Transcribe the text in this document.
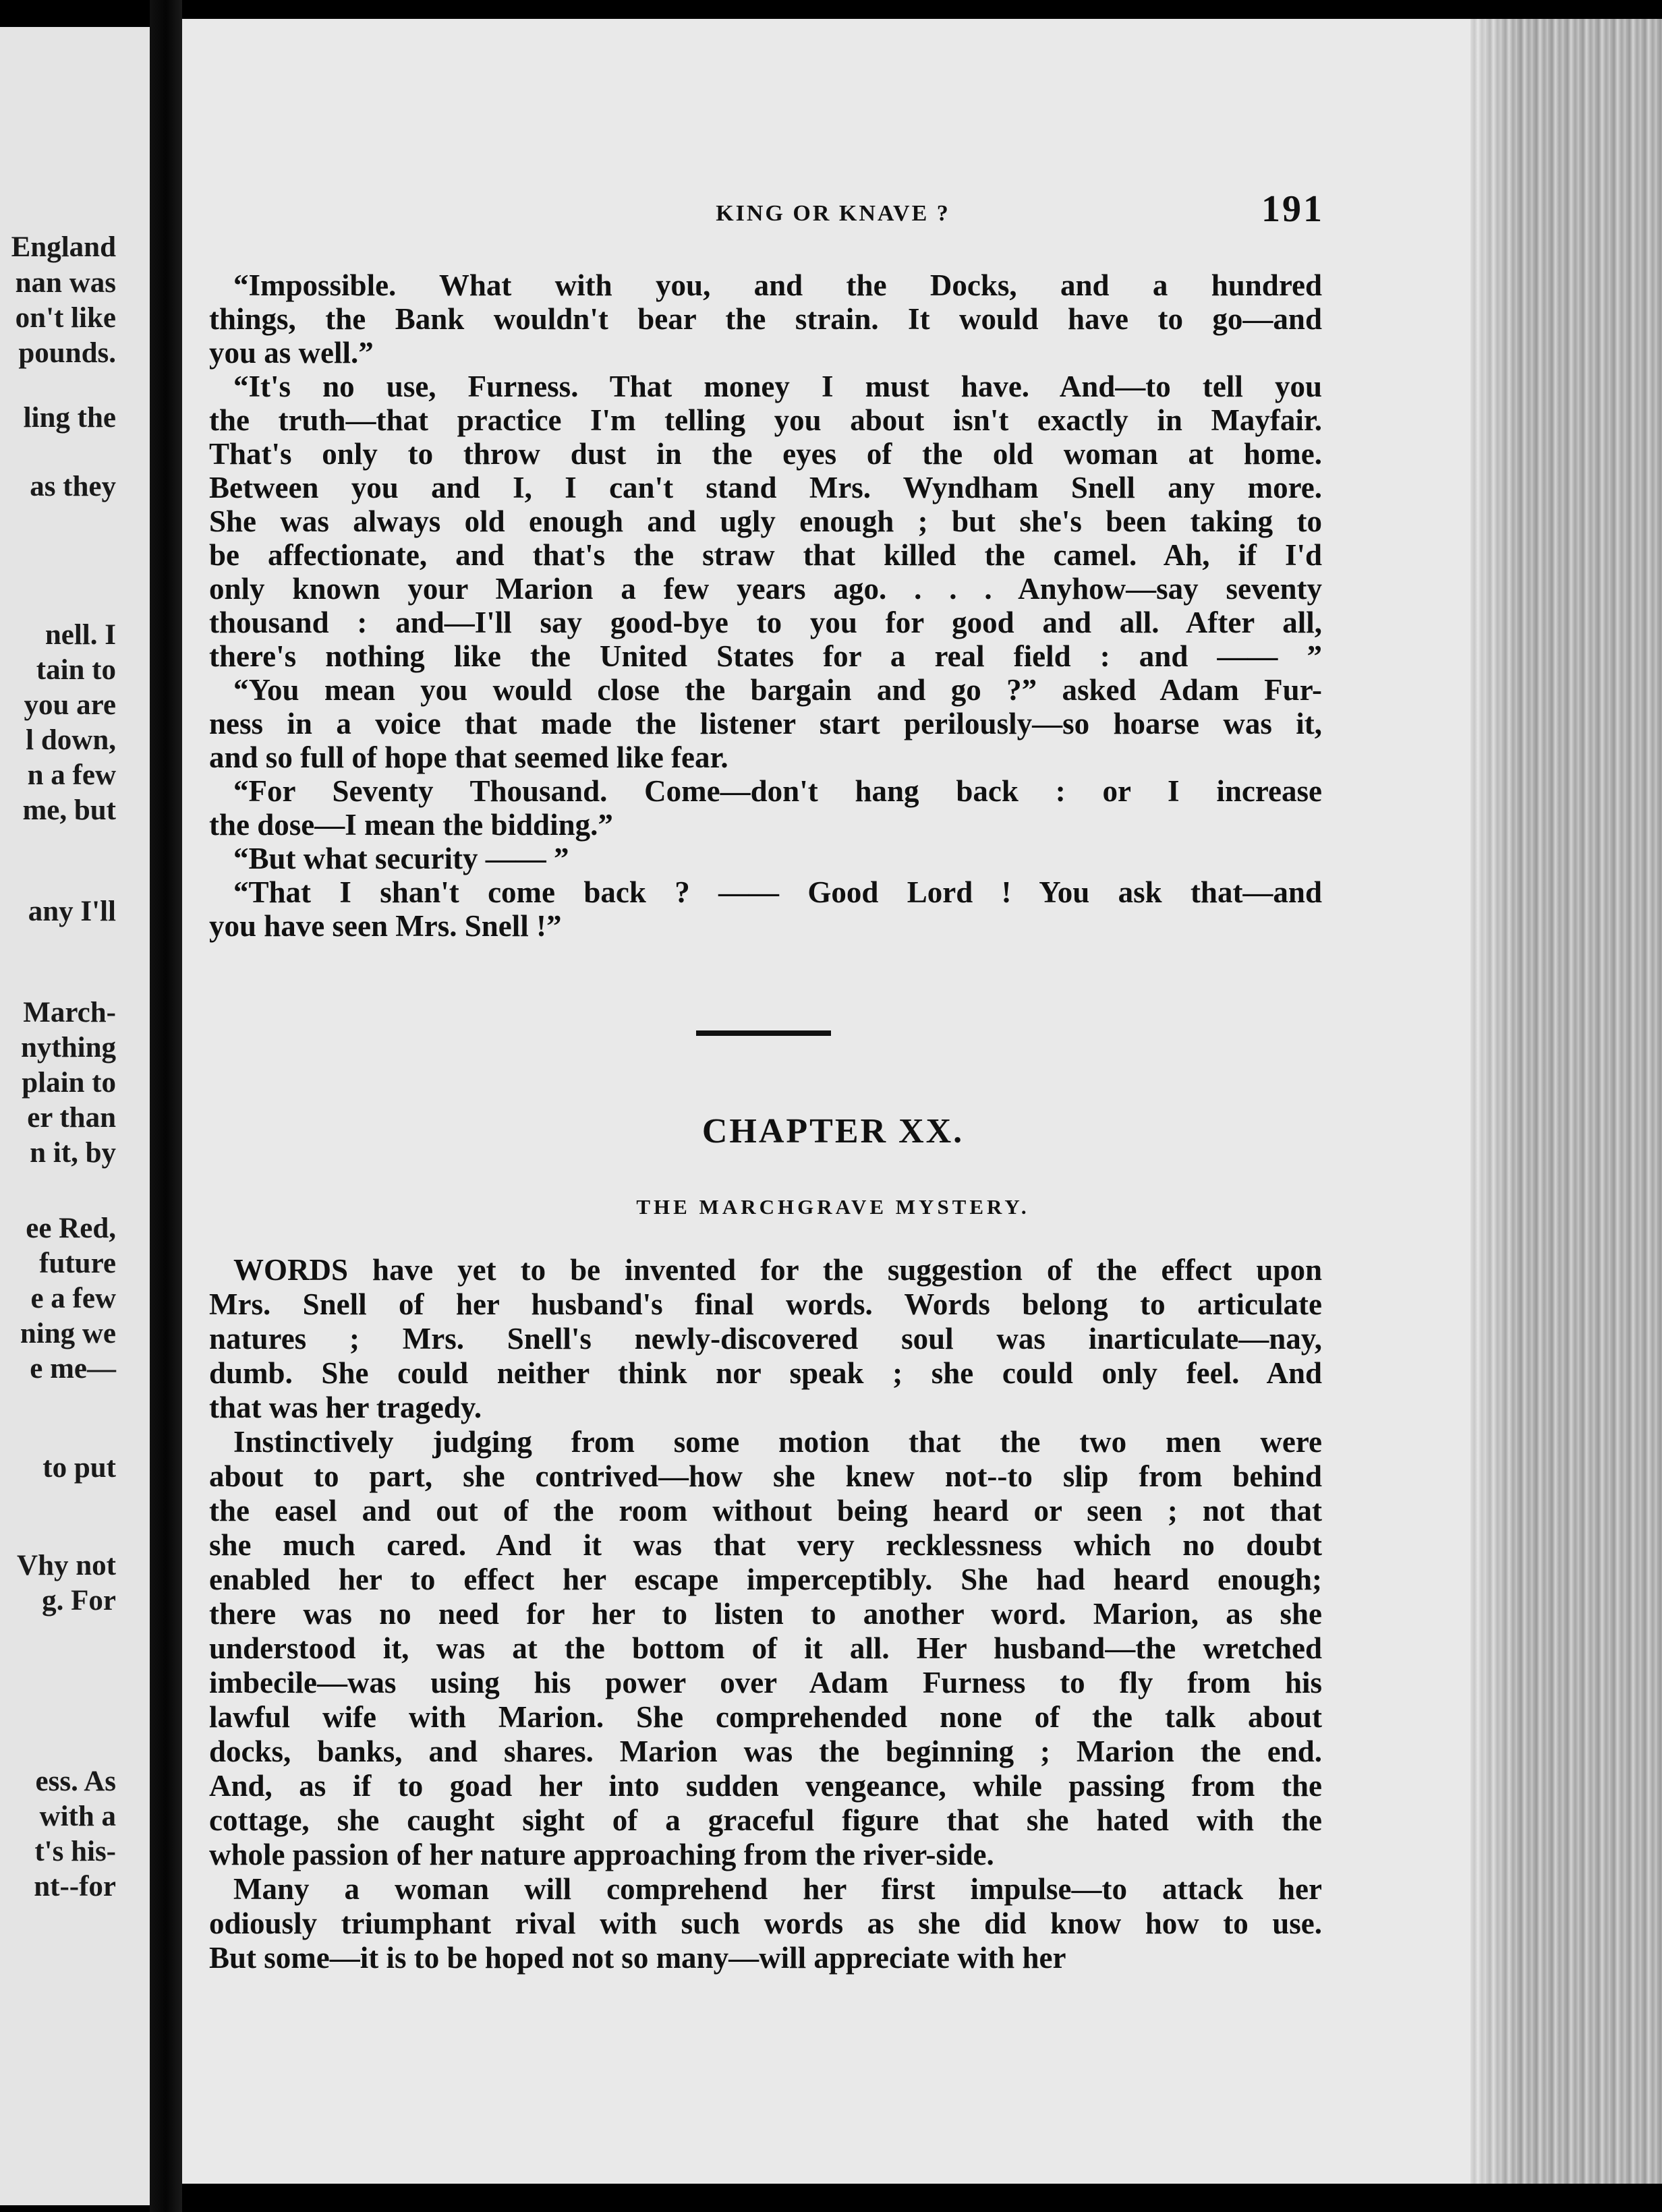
England
nan was
on't like
pounds.
ling the
as they
nell. I
tain to
you are
l down,
n a few
me, but
any I'll
March-
nything
plain to
er than
n it, by
ee Red,
future
e a few
ning we
e me—
to put
Vhy not
g. For
ess. As
with a
t's his-
nt--for
KING OR KNAVE ?	191
“Impossible. What with you, and the Docks, and a hundred
things, the Bank wouldn't bear the strain. It would have to go—and
you as well.”
“It's no use, Furness. That money I must have. And—to tell you
the truth—that practice I'm telling you about isn't exactly in Mayfair.
That's only to throw dust in the eyes of the old woman at home.
Between you and I, I can't stand Mrs. Wyndham Snell any more.
She was always old enough and ugly enough ; but she's been taking to
be affectionate, and that's the straw that killed the camel. Ah, if I'd
only known your Marion a few years ago. . . . Anyhow—say seventy
thousand : and—I'll say good-bye to you for good and all. After all,
there's nothing like the United States for a real field : and —— ”
“You mean you would close the bargain and go ?” asked Adam Fur-
ness in a voice that made the listener start perilously—so hoarse was it,
and so full of hope that seemed like fear.
“For Seventy Thousand. Come—don't hang back : or I increase
the dose—I mean the bidding.”
“But what security —— ”
“That I shan't come back ? —— Good Lord ! You ask that—and
you have seen Mrs. Snell !”
CHAPTER XX.
THE MARCHGRAVE MYSTERY.
WORDS have yet to be invented for the suggestion of the effect upon
Mrs. Snell of her husband's final words. Words belong to articulate
natures ; Mrs. Snell's newly-discovered soul was inarticulate—nay,
dumb. She could neither think nor speak ; she could only feel. And
that was her tragedy.
Instinctively judging from some motion that the two men were
about to part, she contrived—how she knew not--to slip from behind
the easel and out of the room without being heard or seen ; not that
she much cared. And it was that very recklessness which no doubt
enabled her to effect her escape imperceptibly. She had heard enough;
there was no need for her to listen to another word. Marion, as she
understood it, was at the bottom of it all. Her husband—the wretched
imbecile—was using his power over Adam Furness to fly from his
lawful wife with Marion. She comprehended none of the talk about
docks, banks, and shares. Marion was the beginning ; Marion the end.
And, as if to goad her into sudden vengeance, while passing from the
cottage, she caught sight of a graceful figure that she hated with the
whole passion of her nature approaching from the river-side.
Many a woman will comprehend her first impulse—to attack her
odiously triumphant rival with such words as she did know how to use.
But some—it is to be hoped not so many—will appreciate with her
